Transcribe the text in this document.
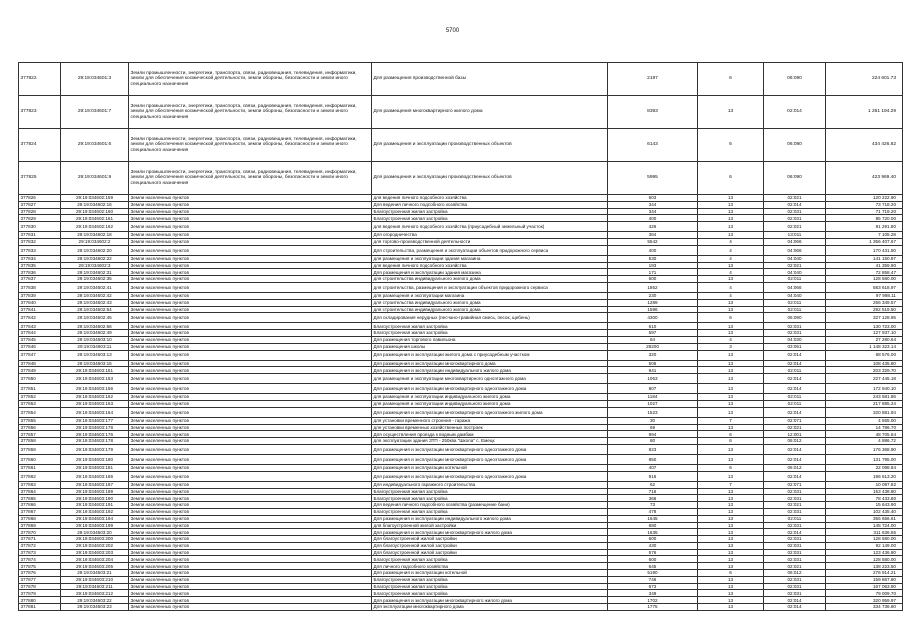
5700
377822	29:19:034601:3	Земли промышленности, энергетики, транспорта, связи, радиовещания, телевидения, информатики, земли для обеспечения космической деятельности, земли обороны, безопасности и земли иного специального назначения	Для размещения производственной базы	2197	6	06:090	224 601.73
377823	29:19:034601:7	Земли промышленности, энергетики, транспорта, связи, радиовещания, телевидения, информатики, земли для обеспечения космической деятельности, земли обороны, безопасности и земли иного специального назначения	Для размещения многоквартирного жилого дома	8393	13	02:014	1 261 194.29
377824	29:19:034601:6	Земли промышленности, энергетики, транспорта, связи, радиовещания, телевидения, информатики, земли для обеспечения космической деятельности, земли обороны, безопасности и земли иного специального назначения	Для размещения и эксплуатации производственных объектов	6143	6	06:090	434 426.82
377825	29:19:034601:9	Земли промышленности, энергетики, транспорта, связи, радиовещания, телевидения, информатики, земли для обеспечения космической деятельности, земли обороны, безопасности и земли иного специального назначения	Для размещения и эксплуатации производственных объектов	5995	6	06:090	423 969.40
377826	29:19:034602:159	Земли населенных пунктов	для ведения личного подсобного хозяйства	603	13	02:021	120 222.90
377827	29:19:034602:16	Земли населенных пунктов	Для ведения личного подсобного хозяйства	344	13	02:014	73 718.20
377828	29:19:034602:160	Земли населенных пунктов	Благоустроенная жилая застройка	344	13	02:031	71 719.20
377829	29:19:034602:161	Земли населенных пунктов	Благоустроенная жилая застройка	400	13	02:031	85 720.00
377830	29:19:034602:162	Земли населенных пунктов	для ведения личного подсобного хозяйства (приусадебный земельный участок)	426	13	02:021	91 291.80
377831	29:19:034602:18	Земли населенных пунктов	Для огородничества	364	13	13:011	7 105.28
377832	29:19:034602:2	Земли населенных пунктов	для торгово-производственной деятельности	5542	4	04:066	1 356 407.67
377833	29:19:034602:20	Земли населенных пунктов	Для строительства, размещения и эксплуатации объектов придорожного сервиса	400	4	04:066	170 431.50
377834	29:19:034602:22	Земли населенных пунктов	для размещения и эксплуатации здания магазина	530	4	04:040	141 150.87
377835	29:19:034602:3	Земли населенных пунктов	для ведения личного подсобного хозяйства	193	13	02:021	41 359.90
377836	29:19:034602:31	Земли населенных пунктов	Для размещения и эксплуатации здания магазина	171	4	04:040	72 858.47
377837	29:19:034602:35	Земли населенных пунктов	для строительства индивидуального жилого дома	600	13	02:011	128 580.00
377838	29:19:034602:41	Земли населенных пунктов	для строительства, размещения и эксплуатации объектов придорожного сервиса	1862	4	04:066	583 618.97
377839	29:19:034602:42	Земли населенных пунктов	для размещения и эксплуатации магазина	230	4	04:040	97 998.11
377840	29:19:034602:43	Земли населенных пунктов	для строительства индивидуального жилого дома	1289	13	02:011	256 349.57
377841	29:19:034602:64	Земли населенных пунктов	для строительства индивидуального жилого дома	1596	13	02:011	292 519.50
377842	29:19:034602:45	Земли населенных пунктов	Для складирования нерудных (песчано-гравийная смесь, песок, щебень)	4300	6	06:090	327 128.95
377843	29:19:034602:66	Земли населенных пунктов	Благоустроенная жилая застройка	610	13	02:031	130 723.00
377844	29:19:034602:49	Земли населенных пунктов	Благоустроенная жилая застройка	597	13	02:031	127 937.10
377845	29:19:034603:10	Земли населенных пунктов	Для размещения торгового павильона	64	4	04:030	27 280.64
377846	29:19:034603:11	Земли населенных пунктов	Для размещения школы	28200	3	03:051	1 148 323.14
377847	29:19:034603:13	Земли населенных пунктов	Для размещения и эксплуатации жилого дома с приусадебным участком	320	13	02:014	68 576.00
377848	29:19:034603:15	Земли населенных пунктов	Для размещения и эксплуатации многоквартирного дома	506	13	02:014	108 435.80
377849	29:19:034603:151	Земли населенных пунктов	Для размещения и эксплуатации индивидуального жилого дома	941	13	02:011	203 329.70
377850	29:19:034603:153	Земли населенных пунктов	для размещения и эксплуатации многоквартирного одноэтажного дома	1063	13	02:014	227 445.18
377851	29:19:034603:156	Земли населенных пунктов	Для размещения и эксплуатации многоквартирного одноэтажного дома	807	13	02:014	172 940.10
377852	29:19:034603:162	Земли населенных пунктов	для размещения и эксплуатации индивидуального жилого дома	1184	13	02:011	243 581.86
377853	29:19:034603:163	Земли населенных пунктов	для размещения и эксплуатации индивидуального жилого дома	1027	13	02:011	217 885.24
377854	29:19:034603:164	Земли населенных пунктов	Для размещения и эксплуатации многоквартирного одноэтажного жилого дома	1523	13	02:014	320 881.94
377855	29:19:034603:177	Земли населенных пунктов	для установки временного строения - гаража	30	7	02:071	4 565.00
377856	29:19:034603:178	Земли населенных пунктов	для установки временных хозяйственных построек	69	13	02:021	14 786.70
377857	29:19:034603:176	Земли населенных пунктов	Для осуществления проезда к водным дамбам	994	6	12:001	48 705.64
377858	29:19:034603:178	Земли населенных пунктов	для эксплуатации здания ЗТП - 250ква "Школа" с. Емецк	80	6	06:012	4 886.72
377859	29:19:034603:179	Земли населенных пунктов	Для размещения и эксплуатации многоквартирного одноэтажного дома	823	13	02:014	176 368.90
377860	29:19:034603:180	Земли населенных пунктов	Для размещения и эксплуатации многоквартирного одноэтажного дома	850	13	02:014	131 795.00
377861	29:19:034603:181	Земли населенных пунктов	Для размещения и эксплуатации котельной	407	6	06:012	22 098.84
377862	29:19:034603:186	Земли населенных пунктов	Для размещения и эксплуатации многоквартирного одноэтажного дома	916	13	02:014	196 513.20
377863	29:19:034603:187	Земли населенных пунктов	Для индивидуального гаражного строительства	62	7	02:071	10 097.82
377864	29:19:034603:189	Земли населенных пунктов	Благоустроенная жилая застройка	716	13	02:031	153 438.80
377865	29:19:034603:190	Земли населенных пунктов	Благоустроенная жилая застройка	366	13	02:031	78 433.80
377866	29:19:034603:191	Земли населенных пунктов	Для ведения личного подсобного хозяйства (размещение бани)	73	13	02:021	15 643.90
377867	29:19:034603:192	Земли населенных пунктов	Благоустроенная жилая застройка	478	13	02:031	102 435.40
377868	29:19:034603:194	Земли населенных пунктов	Для размещения и эксплуатации индивидуального жилого дома	1645	13	02:011	355 656.61
377869	29:19:034603:199	Земли населенных пунктов	для благоустроенной жилой застройки	680	13	02:031	145 724.00
377870	29:19:034603:20	Земли населенных пунктов	Для размещения и эксплуатации многоквартирного жилого дома	1635	13	02:014	311 636.65
377871	29:19:034603:200	Земли населенных пунктов	Для благоустроенной жилой застройки	600	13	02:031	128 580.00
377872	29:19:034603:202	Земли населенных пунктов	Для благоустроенной жилой застройки	430	13	02:031	92 149.00
377873	29:19:034603:203	Земли населенных пунктов	Для благоустроенной жилой застройки	576	13	02:031	123 436.80
377874	29:19:034603:204	Земли населенных пунктов	Благоустроенная жилая застройка	600	13	02:031	128 580.00
377875	29:19:034603:205	Земли населенных пунктов	Для личного подсобного хозяйства	645	13	02:021	138 223.50
377876	29:19:034603:21	Земли населенных пунктов	Для размещения и эксплуатации котельной	5190	6	06:012	276 914.21
377877	29:19:034603:210	Земли населенных пунктов	Благоустроенная жилая застройка	746	13	02:031	159 867.80
377878	29:19:034603:211	Земли населенных пунктов	Благоустроенная жилая застройка	673	13	02:031	167 063.90
377879	29:19:034603:212	Земли населенных пунктов	Благоустроенная жилая застройка	349	13	02:031	79 009.70
377880	29:19:034603:22	Земли населенных пунктов	Для размещения и эксплуатации многоквартирного жилого дома	1702	13	02:014	320 959.97
377881	29:19:034603:23	Земли населенных пунктов	Для эксплуатации многоквартирного дома	1775	13	02:014	334 736.80
